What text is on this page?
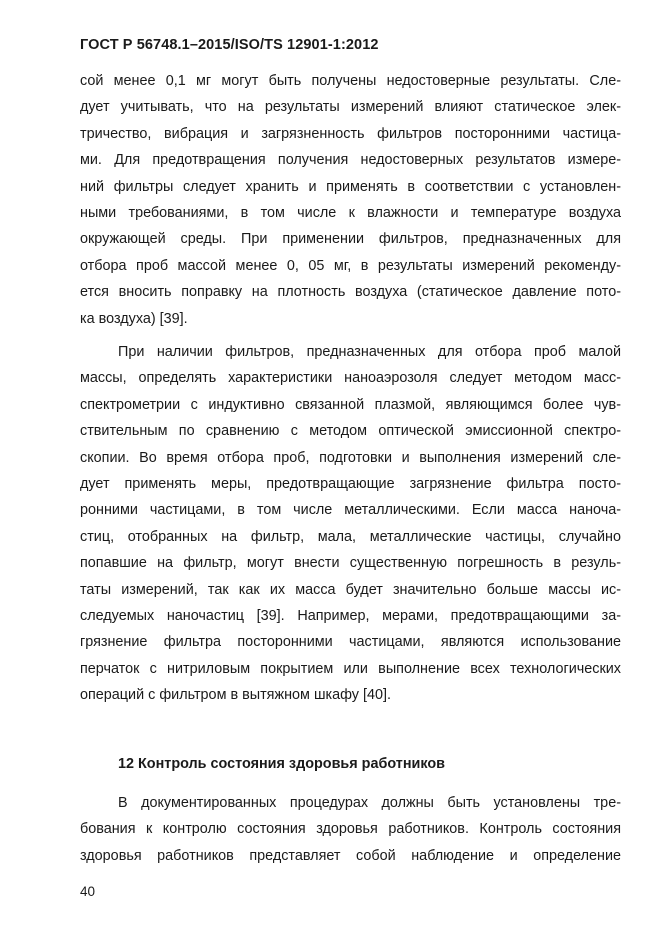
ГОСТ Р 56748.1–2015/ISO/TS 12901-1:2012
сой менее 0,1 мг могут быть получены недостоверные результаты. Сле-
дует учитывать, что на результаты измерений влияют статическое элек-
тричество, вибрация и загрязненность фильтров посторонними частица-
ми. Для предотвращения получения недостоверных результатов измере-
ний фильтры следует хранить и применять в соответствии с установлен-
ными требованиями, в том числе к влажности и температуре воздуха
окружающей среды. При применении фильтров, предназначенных для
отбора проб массой менее 0, 05 мг, в результаты измерений рекоменду-
ется вносить поправку на плотность воздуха (статическое давление пото-
ка воздуха) [39].
При наличии фильтров, предназначенных для отбора проб малой
массы, определять характеристики наноаэрозоля следует методом масс-
спектрометрии с индуктивно связанной плазмой, являющимся более чув-
ствительным по сравнению с методом оптической эмиссионной спектро-
скопии. Во время отбора проб, подготовки и выполнения измерений сле-
дует применять меры, предотвращающие загрязнение фильтра посто-
ронними частицами, в том числе металлическими. Если масса наноча-
стиц, отобранных на фильтр, мала, металлические частицы, случайно
попавшие на фильтр, могут внести существенную погрешность в резуль-
таты измерений, так как их масса будет значительно больше массы ис-
следуемых наночастиц [39]. Например, мерами, предотвращающими за-
грязнение фильтра посторонними частицами, являются использование
перчаток с нитриловым покрытием или выполнение всех технологических
операций с фильтром в вытяжном шкафу [40].
12 Контроль состояния здоровья работников
В документированных процедурах должны быть установлены тре-
бования к контролю состояния здоровья работников. Контроль состояния
здоровья работников представляет собой наблюдение и определение
40
